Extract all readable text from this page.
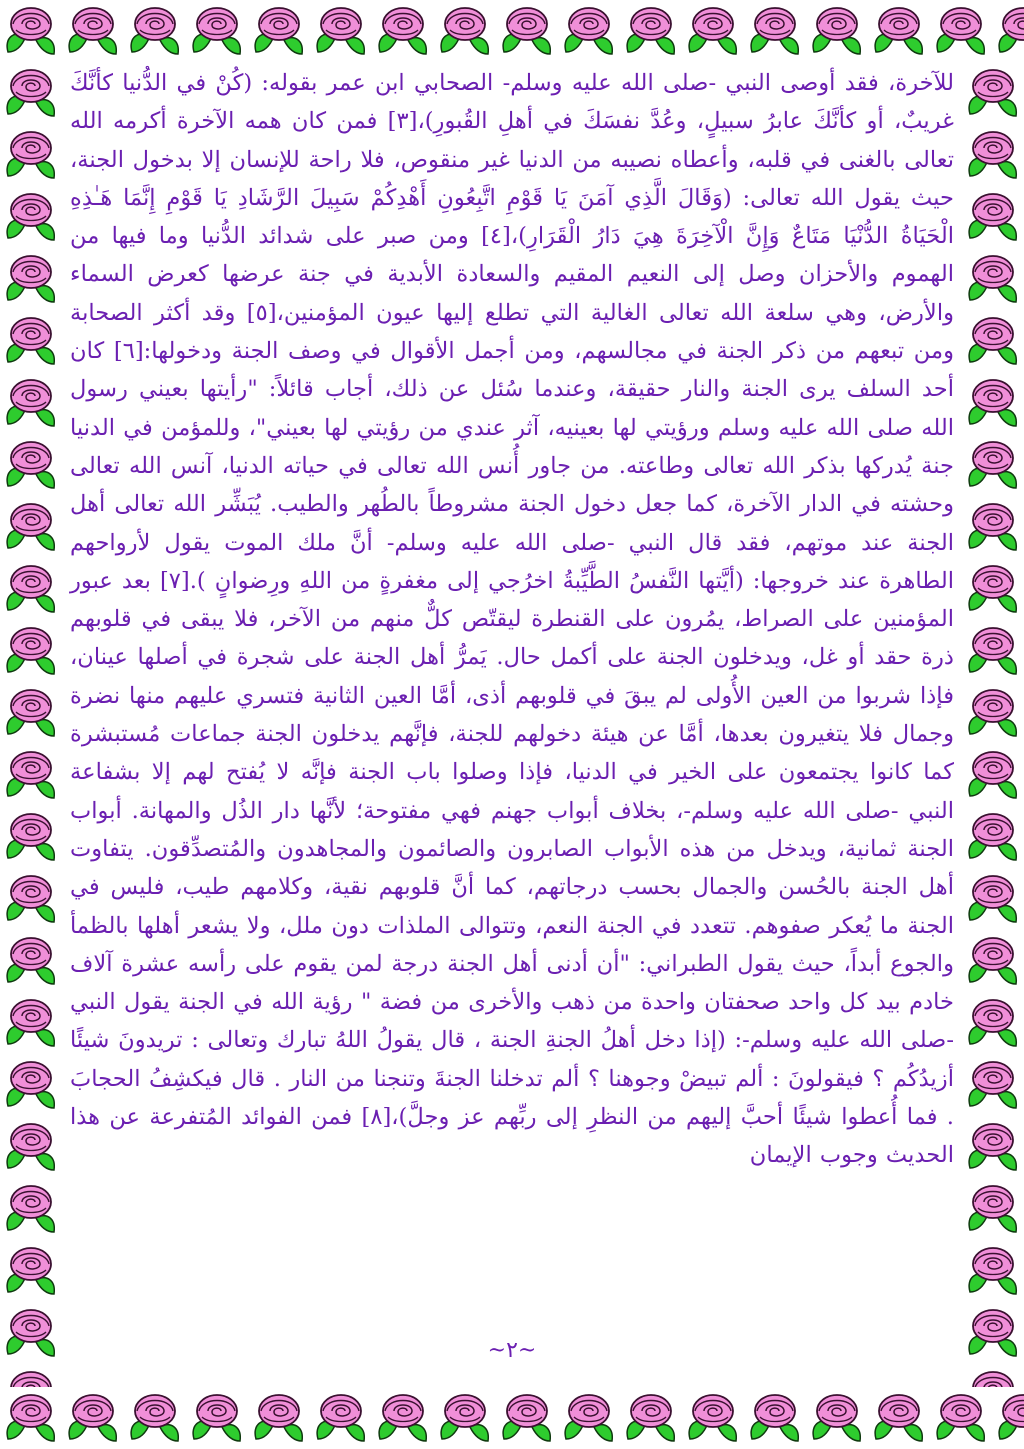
للآخرة، فقد أوصى النبي -صلى الله عليه وسلم- الصحابي ابن عمر بقوله: (كُنْ في الدُّنيا كأنَّكَ غريبٌ، أو كأنَّكَ عابرُ سبيلٍ، وعُدَّ نفسَكَ في أهلِ القُبورِ)،[٣] فمن كان همه الآخرة أكرمه الله تعالى بالغنى في قلبه، وأعطاه نصيبه من الدنيا غير منقوص، فلا راحة للإنسان إلا بدخول الجنة، حيث يقول الله تعالى: (وَقَالَ الَّذِي آمَنَ يَا قَوْمِ اتَّبِعُونِ أَهْدِكُمْ سَبِيلَ الرَّشَادِ يَا قَوْمِ إِنَّمَا هَـٰذِهِ الْحَيَاةُ الدُّنْيَا مَتَاعٌ وَإِنَّ الْآخِرَةَ هِيَ دَارُ الْقَرَارِ)،[٤] ومن صبر على شدائد الدُّنيا وما فيها من الهموم والأحزان وصل إلى النعيم المقيم والسعادة الأبدية في جنة عرضها كعرض السماء والأرض، وهي سلعة الله تعالى الغالية التي تطلع إليها عيون المؤمنين،[٥] وقد أكثر الصحابة ومن تبعهم من ذكر الجنة في مجالسهم، ومن أجمل الأقوال في وصف الجنة ودخولها:[٦] كان أحد السلف يرى الجنة والنار حقيقة، وعندما سُئل عن ذلك، أجاب قائلاً: "رأيتها بعيني رسول الله صلى الله عليه وسلم ورؤيتي لها بعينيه، آثر عندي من رؤيتي لها بعيني"، وللمؤمن في الدنيا جنة يُدركها بذكر الله تعالى وطاعته. من جاور أُنس الله تعالى في حياته الدنيا، آنس الله تعالى وحشته في الدار الآخرة، كما جعل دخول الجنة مشروطاً بالطُهر والطيب. يُبَشِّر الله تعالى أهل الجنة عند موتهم، فقد قال النبي -صلى الله عليه وسلم- أنَّ ملك الموت يقول لأرواحهم الطاهرة عند خروجها: (أيَّتها النَّفسُ الطَّيِّبةُ اخرُجي إلى مغفرةٍ من اللهِ ورِضوانٍ ).[٧] بعد عبور المؤمنين على الصراط، يمُرون على القنطرة ليقتّص كلٌّ منهم من الآخر، فلا يبقى في قلوبهم ذرة حقد أو غل، ويدخلون الجنة على أكمل حال. يَمرُّ أهل الجنة على شجرة في أصلها عينان، فإذا شربوا من العين الأُولى لم يبقَ في قلوبهم أذى، أمَّا العين الثانية فتسري عليهم منها نضرة وجمال فلا يتغيرون بعدها، أمَّا عن هيئة دخولهم للجنة، فإنَّهم يدخلون الجنة جماعات مُستبشرة كما كانوا يجتمعون على الخير في الدنيا، فإذا وصلوا باب الجنة فإنَّه لا يُفتح لهم إلا بشفاعة النبي -صلى الله عليه وسلم-، بخلاف أبواب جهنم فهي مفتوحة؛ لأنَّها دار الذُل والمهانة. أبواب الجنة ثمانية، ويدخل من هذه الأبواب الصابرون والصائمون والمجاهدون والمُتصدِّقون. يتفاوت أهل الجنة بالحُسن والجمال بحسب درجاتهم، كما أنَّ قلوبهم نقية، وكلامهم طيب، فليس في الجنة ما يُعكر صفوهم. تتعدد في الجنة النعم، وتتوالى الملذات دون ملل، ولا يشعر أهلها بالظمأ والجوع أبداً، حيث يقول الطبراني: "أن أدنى أهل الجنة درجة لمن يقوم على رأسه عشرة آلاف خادم بيد كل واحد صحفتان واحدة من ذهب والأخرى من فضة " رؤية الله في الجنة يقول النبي -صلى الله عليه وسلم-: (إذا دخل أهلُ الجنةِ الجنة ، قال يقولُ اللهُ تبارك وتعالى : تريدونَ شيئًا أزيدُكُم ؟ فيقولونَ : ألم تبيضْ وجوهنا ؟ ألم تدخلنا الجنةَ وتنجنا من النار . قال فيكشِفُ الحجابَ . فما أُعطوا شيئًا أحبَّ إليهم من النظرِ إلى ربِّهم عز وجلَّ)،[٨] فمن الفوائد المُتفرعة عن هذا الحديث وجوب الإيمان

~٢~
